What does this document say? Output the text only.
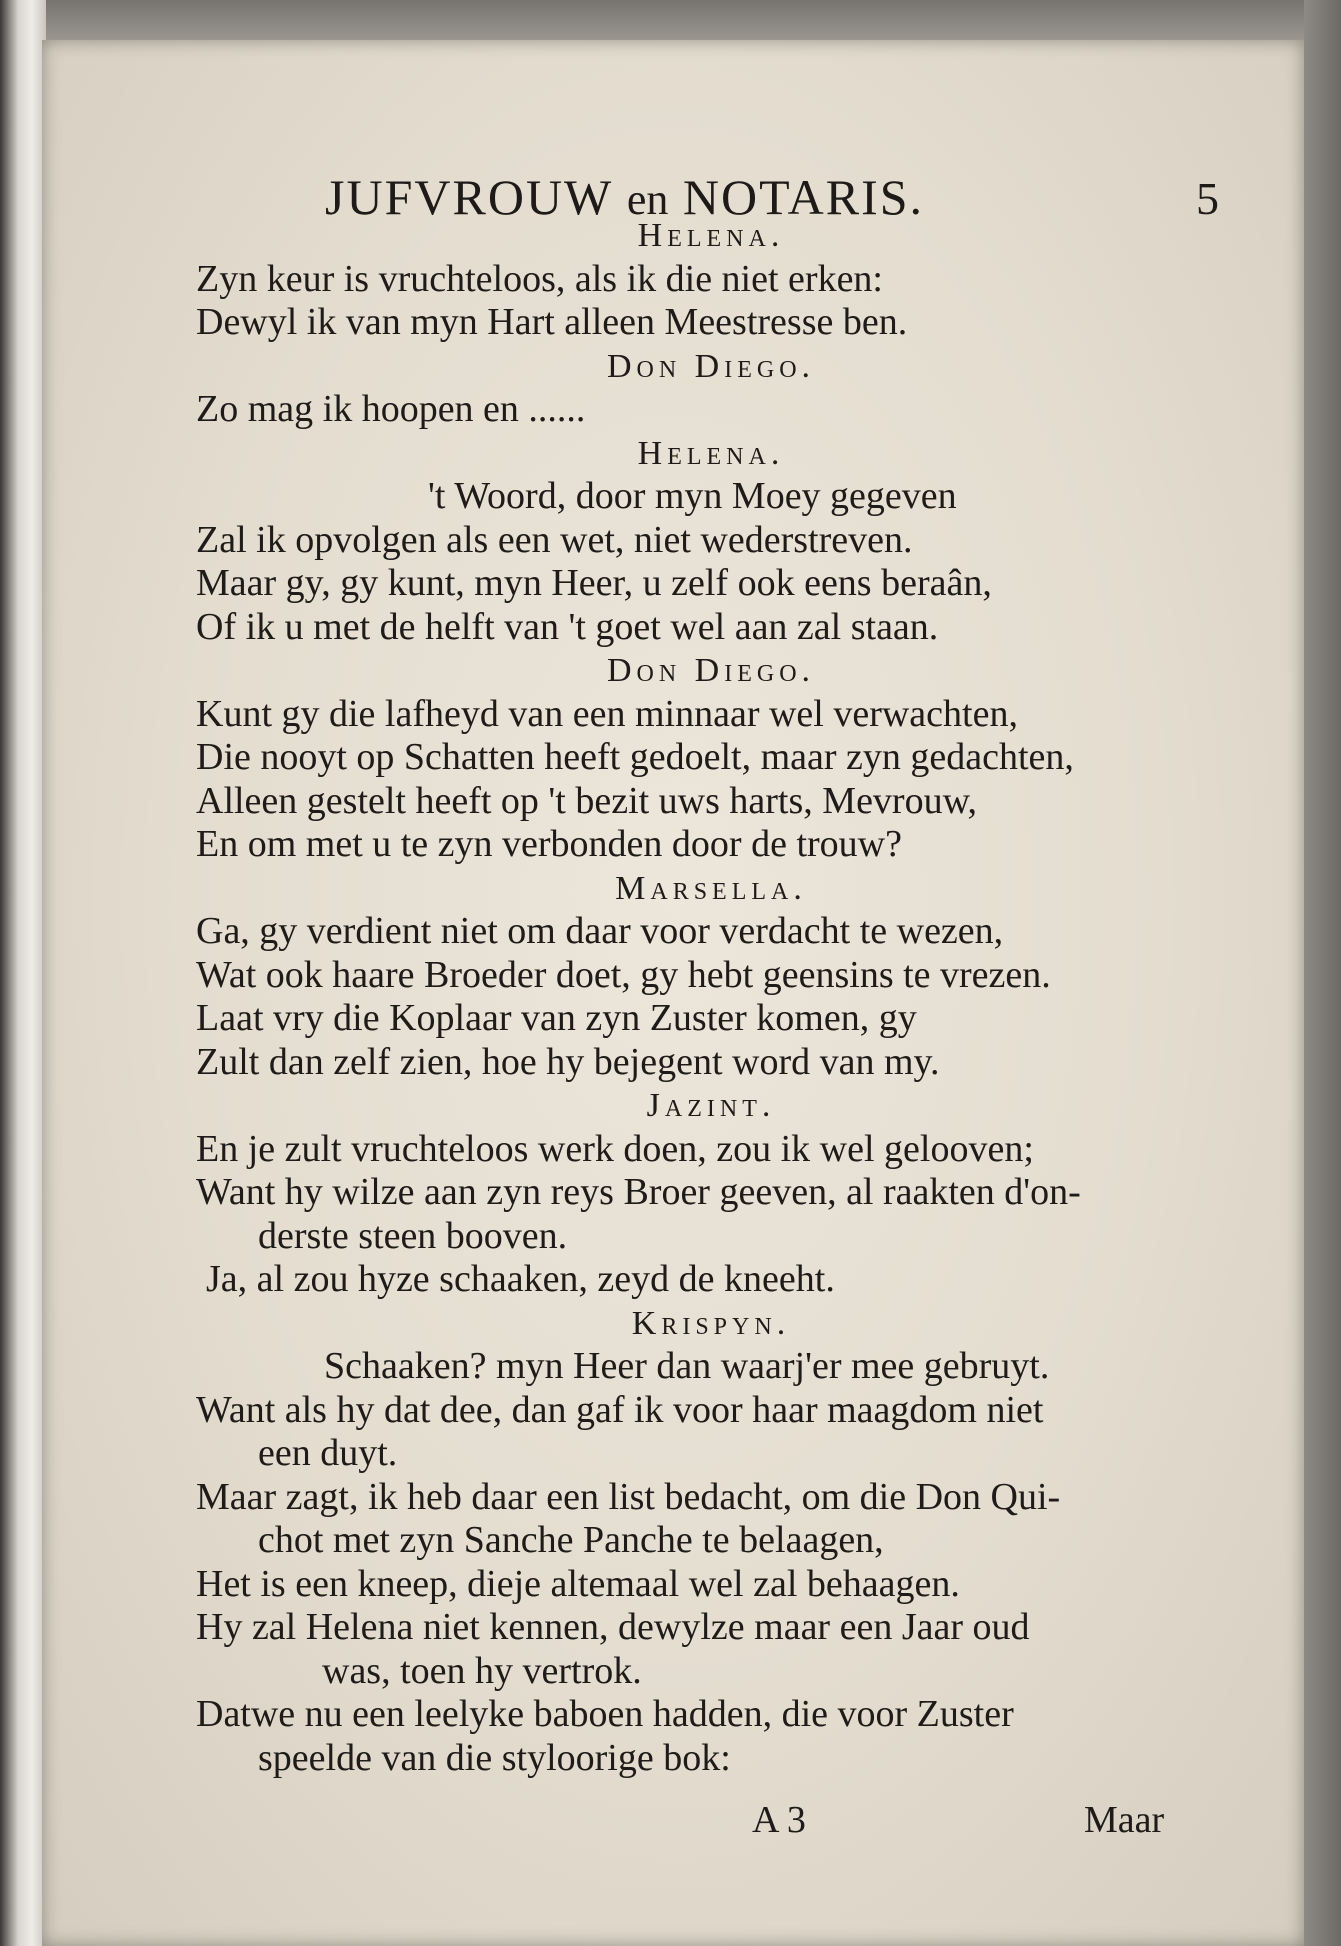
JUFVROUW en NOTARIS.	5
Helena.
Zyn keur is vruchteloos, als ik die niet erken:
Dewyl ik van myn Hart alleen Meestresse ben.
Don Diego.
Zo mag ik hoopen en ......
Helena.
't Woord, door myn Moey gegeven
Zal ik opvolgen als een wet, niet wederstreven.
Maar gy, gy kunt, myn Heer, u zelf ook eens beraân,
Of ik u met de helft van 't goet wel aan zal staan.
Don Diego.
Kunt gy die lafheyd van een minnaar wel verwachten,
Die nooyt op Schatten heeft gedoelt, maar zyn gedachten,
Alleen gestelt heeft op 't bezit uws harts, Mevrouw,
En om met u te zyn verbonden door de trouw?
Marsella.
Ga, gy verdient niet om daar voor verdacht te wezen,
Wat ook haare Broeder doet, gy hebt geensins te vrezen.
Laat vry die Koplaar van zyn Zuster komen, gy
Zult dan zelf zien, hoe hy bejegent word van my.
Jazint.
En je zult vruchteloos werk doen, zou ik wel gelooven;
Want hy wilze aan zyn reys Broer geeven, al raakten d'on-
derste steen booven.
Ja, al zou hyze schaaken, zeyd de kneeht.
Krispyn.
Schaaken? myn Heer dan waarj'er mee gebruyt.
Want als hy dat dee, dan gaf ik voor haar maagdom niet
een duyt.
Maar zagt, ik heb daar een list bedacht, om die Don Qui-
chot met zyn Sanche Panche te belaagen,
Het is een kneep, dieje altemaal wel zal behaagen.
Hy zal Helena niet kennen, dewylze maar een Jaar oud
was, toen hy vertrok.
Datwe nu een leelyke baboen hadden, die voor Zuster
speelde van die styloorige bok:
A 3	Maar
